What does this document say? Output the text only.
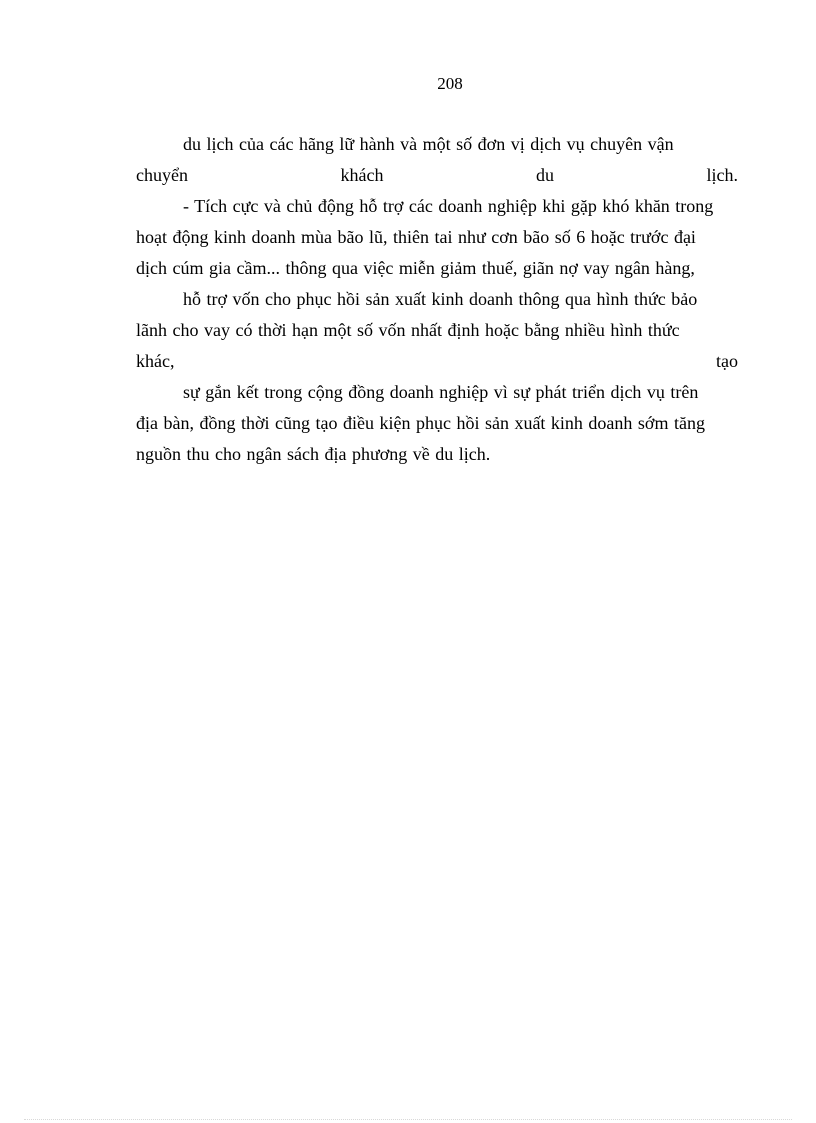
208
du lịch của các hãng lữ hành và một số đơn vị dịch vụ chuyên vận
chuyển	khách	du	lịch.
- Tích cực và chủ động hỗ trợ các doanh nghiệp khi gặp khó khăn trong
hoạt động kinh doanh mùa bão lũ, thiên tai như cơn bão số 6 hoặc trước đại
dịch cúm gia cầm... thông qua việc miễn giảm thuế, giãn nợ vay ngân hàng,
hỗ trợ vốn cho phục hồi sản xuất kinh doanh thông qua hình thức bảo
lãnh cho vay có thời hạn một số vốn nhất định hoặc bằng nhiều hình thức
khác,	tạo
sự gắn kết trong cộng đồng doanh nghiệp vì sự phát triển dịch vụ trên
địa bàn, đồng thời cũng tạo điều kiện phục hồi sản xuất kinh doanh sớm tăng
nguồn thu cho ngân sách địa phương về du lịch.
